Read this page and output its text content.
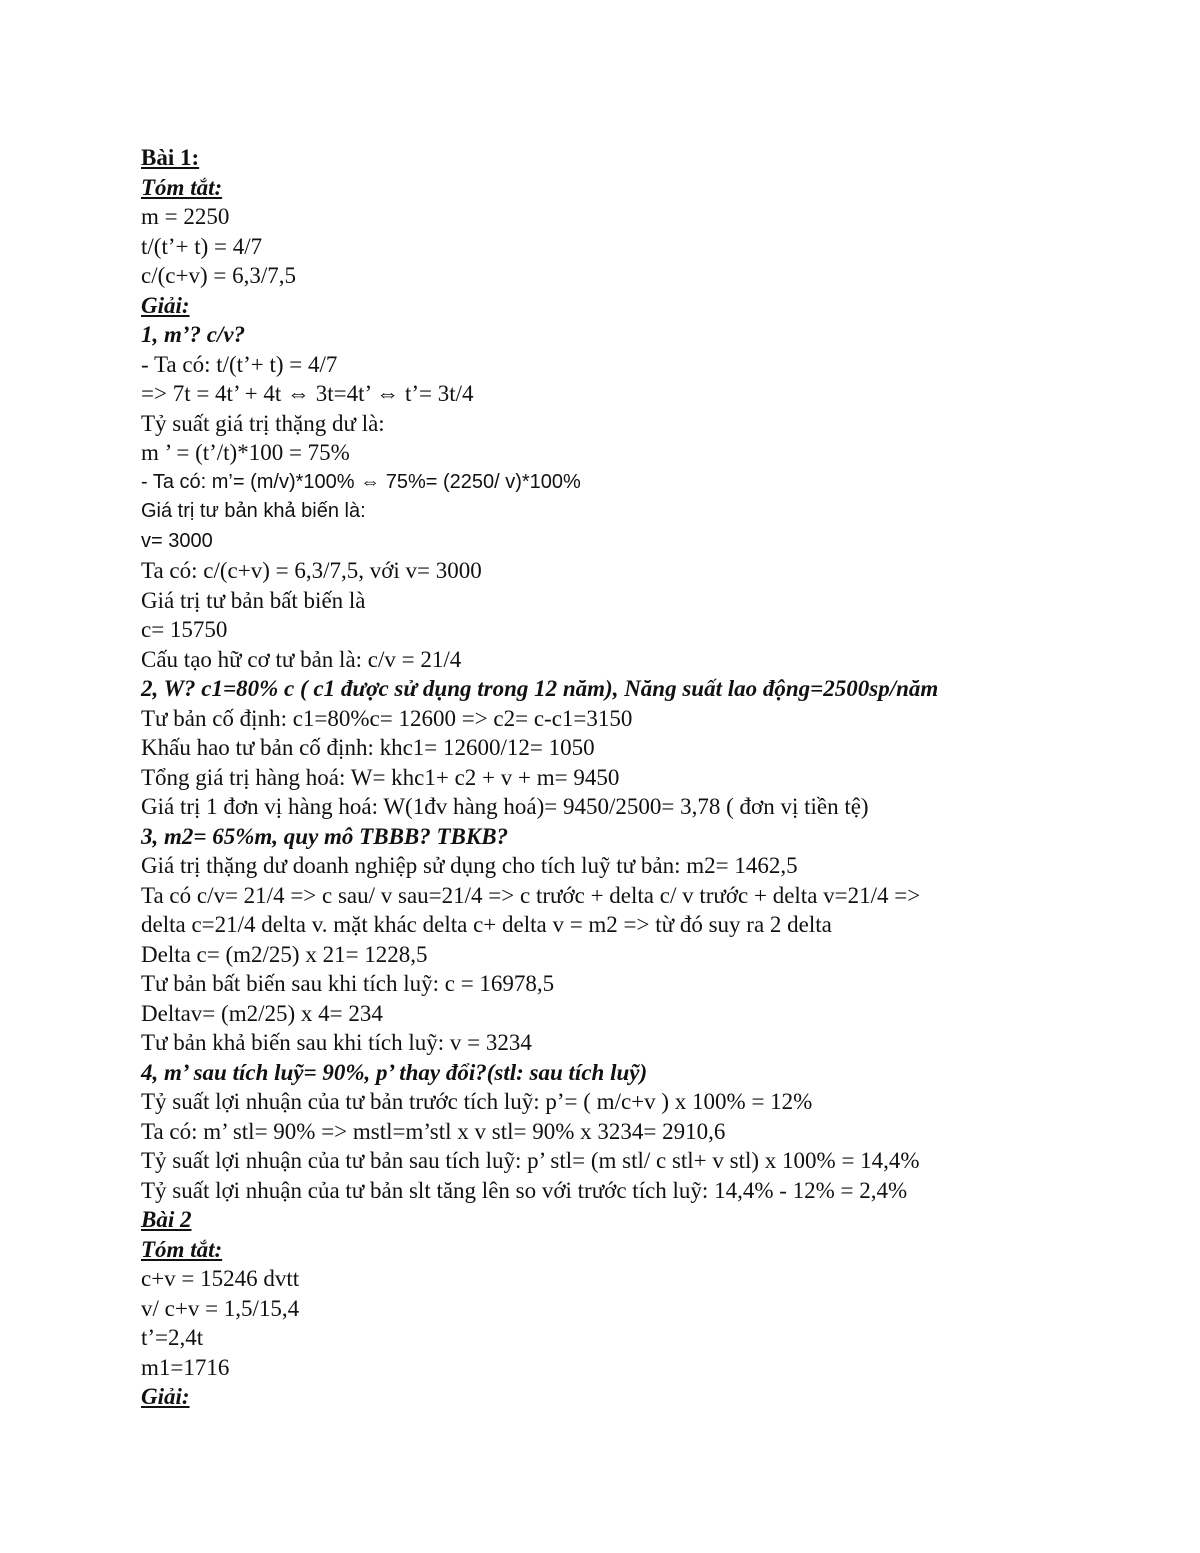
Bài 1:
Tóm tắt:
m = 2250
t/(t’+ t) = 4/7
c/(c+v) = 6,3/7,5
Giải:
1, m’? c/v?
- Ta có: t/(t’+ t) = 4/7
=> 7t = 4t’ + 4t ⇔ 3t=4t’ ⇔ t’= 3t/4
Tỷ suất giá trị thặng dư là:
m ’ = (t’/t)*100 = 75%
- Ta có: m’= (m/v)*100% ⇔ 75%= (2250/ v)*100%
Giá trị tư bản khả biến là:
v= 3000
Ta có: c/(c+v) = 6,3/7,5, với v= 3000
Giá trị tư bản bất biến là
c= 15750
Cấu tạo hữ cơ tư bản là: c/v = 21/4
2, W? c1=80% c ( c1 được sử dụng trong 12 năm), Năng suất lao động=2500sp/năm
Tư bản cố định: c1=80%c= 12600 => c2= c-c1=3150
Khấu hao tư bản cố định: khc1= 12600/12= 1050
Tổng giá trị hàng hoá: W= khc1+ c2 + v + m= 9450
Giá trị 1 đơn vị hàng hoá: W(1đv hàng hoá)= 9450/2500= 3,78 ( đơn vị tiền tệ)
3, m2= 65%m, quy mô TBBB? TBKB?
Giá trị thặng dư doanh nghiệp sử dụng cho tích luỹ tư bản: m2= 1462,5
Ta có c/v= 21/4 => c sau/ v sau=21/4 => c trước + delta c/ v trước + delta v=21/4 =>
delta c=21/4 delta v. mặt khác delta c+ delta v = m2 => từ đó suy ra 2 delta
Delta c= (m2/25) x 21= 1228,5
Tư bản bất biến sau khi tích luỹ: c = 16978,5
Deltav= (m2/25) x 4= 234
Tư bản khả biến sau khi tích luỹ: v = 3234
4, m’ sau tích luỹ= 90%, p’ thay đổi?(stl: sau tích luỹ)
Tỷ suất lợi nhuận của tư bản trước tích luỹ: p’= ( m/c+v ) x 100% = 12%
Ta có: m’ stl= 90% => mstl=m’stl x v stl= 90% x 3234= 2910,6
Tỷ suất lợi nhuận của tư bản sau tích luỹ: p’ stl= (m stl/ c stl+ v stl) x 100% = 14,4%
Tỷ suất lợi nhuận của tư bản slt tăng lên so với trước tích luỹ: 14,4% - 12% = 2,4%
Bài 2
Tóm tắt:
c+v = 15246 dvtt
v/ c+v = 1,5/15,4
t’=2,4t
m1=1716
Giải:
